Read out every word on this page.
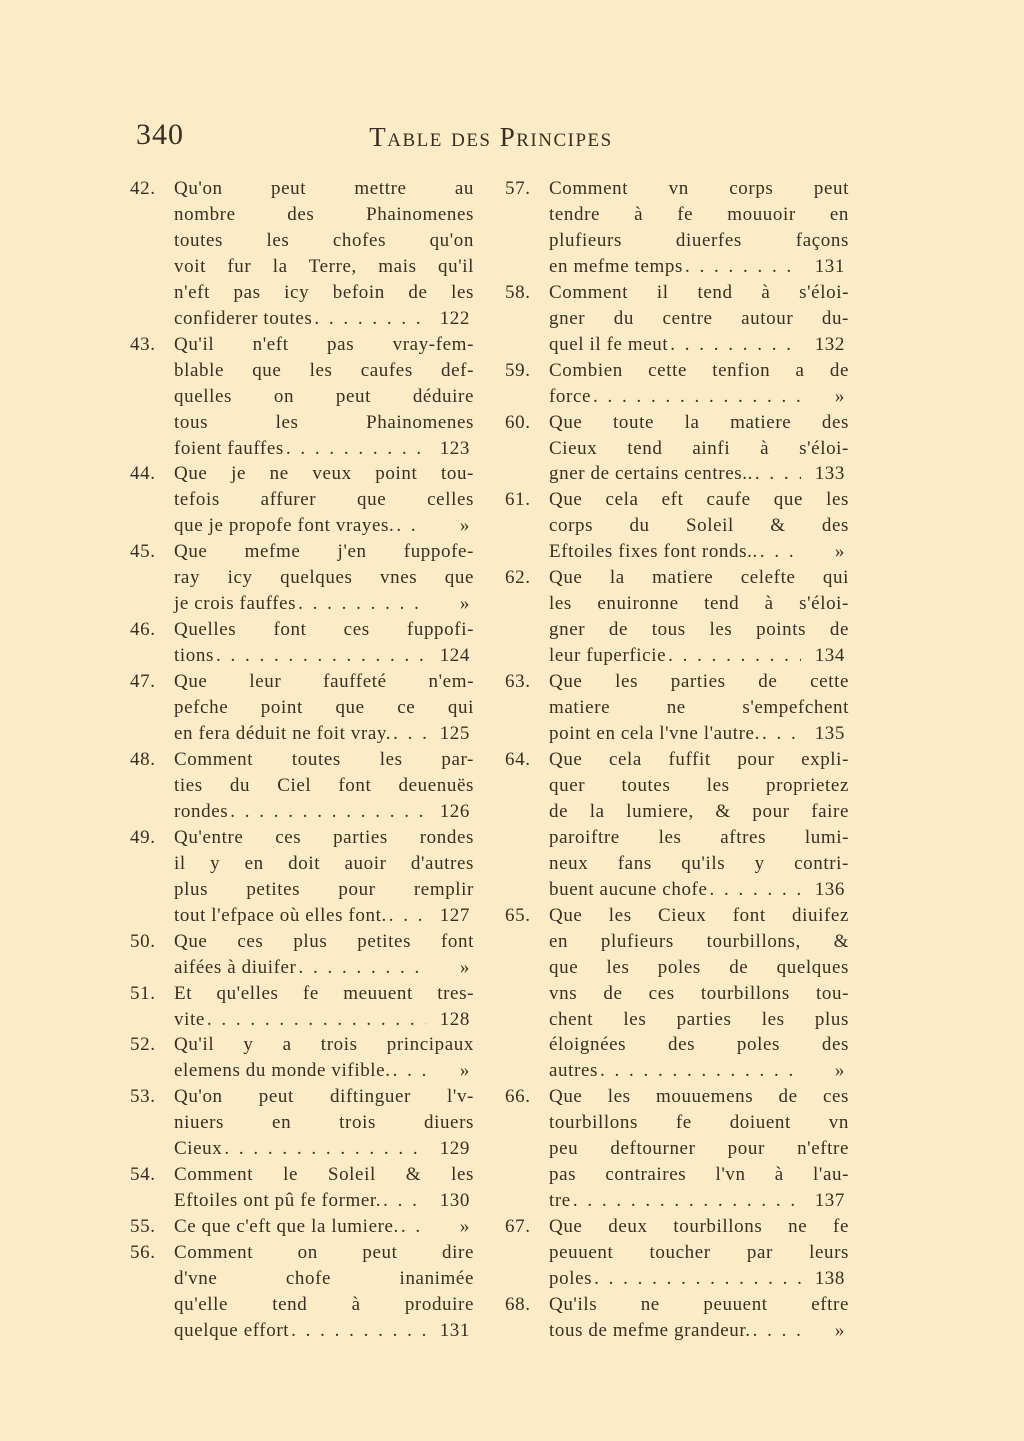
340	Table des Principes
42. Qu'on peut mettre au
nombre des Phainomenes
toutes les chofes qu'on
voit fur la Terre, mais qu'il
n'eft pas icy befoin de les
confiderer toutes . . .	122
43. Qu'il n'eft pas vray-fem-
blable que les caufes def-
quelles on peut déduire
tous les Phainomenes
foient fauffes . . .	123
44. Que je ne veux point tou-
tefois affurer que celles
que je propofe font vrayes. . . .	»
45. Que mefme j'en fuppofe-
ray icy quelques vnes que
je crois fauffes . . .	»
46. Quelles font ces fuppofi-
tions . . .	124
47. Que leur fauffeté n'em-
pefche point que ce qui
en fera déduit ne foit vray. . . .	125
48. Comment toutes les par-
ties du Ciel font deuenuës
rondes . . .	126
49. Qu'entre ces parties rondes
il y en doit auoir d'autres
plus petites pour remplir
tout l'efpace où elles font. . . .	127
50. Que ces plus petites font
aifées à diuifer . . .	»
51. Et qu'elles fe meuuent tres-
vite . . .	128
52. Qu'il y a trois principaux
elemens du monde vifible. . . .	»
53. Qu'on peut diftinguer l'v-
niuers en trois diuers
Cieux . . .	129
54. Comment le Soleil & les
Eftoiles ont pû fe former. . . .	130
55. Ce que c'eft que la lumiere. . . .	»
56. Comment on peut dire
d'vne chofe inanimée
qu'elle tend à produire
quelque effort . . .	131
57. Comment vn corps peut
tendre à fe mouuoir en
plufieurs diuerfes façons
en mefme temps . . .	131
58. Comment il tend à s'éloi-
gner du centre autour du-
quel il fe meut . . .	132
59. Combien cette tenfion a de
force . . .	»
60. Que toute la matiere des
Cieux tend ainfi à s'éloi-
gner de certains centres.. . . .	133
61. Que cela eft caufe que les
corps du Soleil & des
Eftoiles fixes font ronds.. . . .	»
62. Que la matiere celefte qui
les enuironne tend à s'éloi-
gner de tous les points de
leur fuperficie . . .	134
63. Que les parties de cette
matiere ne s'empefchent
point en cela l'vne l'autre. . . .	135
64. Que cela fuffit pour expli-
quer toutes les proprietez
de la lumiere, & pour faire
paroiftre les aftres lumi-
neux fans qu'ils y contri-
buent aucune chofe . . .	136
65. Que les Cieux font diuifez
en plufieurs tourbillons, &
que les poles de quelques
vns de ces tourbillons tou-
chent les parties les plus
éloignées des poles des
autres . . .	»
66. Que les mouuemens de ces
tourbillons fe doiuent vn
peu deftourner pour n'eftre
pas contraires l'vn à l'au-
tre . . .	137
67. Que deux tourbillons ne fe
peuuent toucher par leurs
poles . . .	138
68. Qu'ils ne peuuent eftre
tous de mefme grandeur. . . .	»
